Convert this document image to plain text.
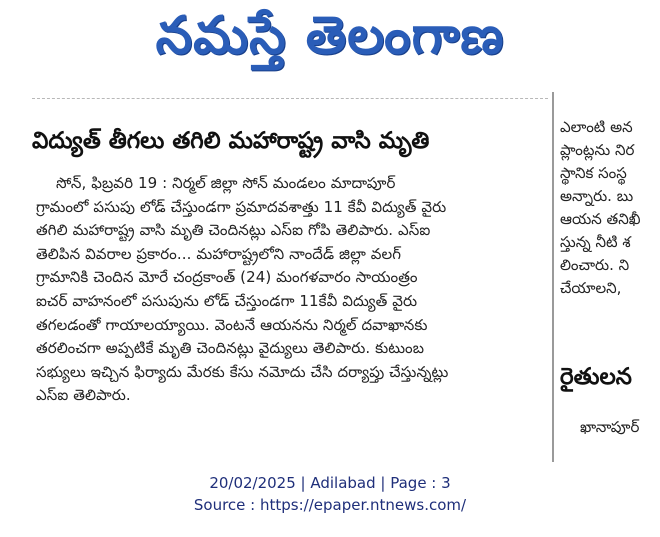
నమస్తే తెలంగాణ
విద్యుత్ తీగలు తగిలి మహారాష్ట్ర వాసి మృతి
సోన్, ఫిబ్రవరి 19 : నిర్మల్ జిల్లా సోన్ మండలం మాదాపూర్
గ్రామంలో పసుపు లోడ్ చేస్తుండగా ప్రమాదవశాత్తు 11 కేవీ విద్యుత్ వైరు
తగిలి మహారాష్ట్ర వాసి మృతి చెందినట్లు ఎస్ఐ గోపి తెలిపారు. ఎస్ఐ
తెలిపిన వివరాల ప్రకారం... మహారాష్ట్రలోని నాందేడ్ జిల్లా వలగ్
గ్రామానికి చెందిన మోరే చంద్రకాంత్ (24) మంగళవారం సాయంత్రం
ఐచర్ వాహనంలో పసుపును లోడ్ చేస్తుండగా 11కేవీ విద్యుత్ వైరు
తగలడంతో గాయాలయ్యాయి. వెంటనే ఆయనను నిర్మల్ దవాఖానకు
తరలించగా అప్పటికే మృతి చెందినట్లు వైద్యులు తెలిపారు. కుటుంబ
సభ్యులు ఇచ్చిన ఫిర్యాదు మేరకు కేసు నమోదు చేసి దర్యాప్తు చేస్తున్నట్లు
ఎస్ఐ తెలిపారు.
ఎలాంటి అన
ప్లాంట్లను నిర
స్థానిక సంస్థ
అన్నారు. బు
ఆయన తనిఖీ
స్తున్న నీటి శ
లించారు. ని
చేయాలని,
రైతులన
ఖానాపూర్
20/02/2025 | Adilabad | Page : 3
Source : https://epaper.ntnews.com/
